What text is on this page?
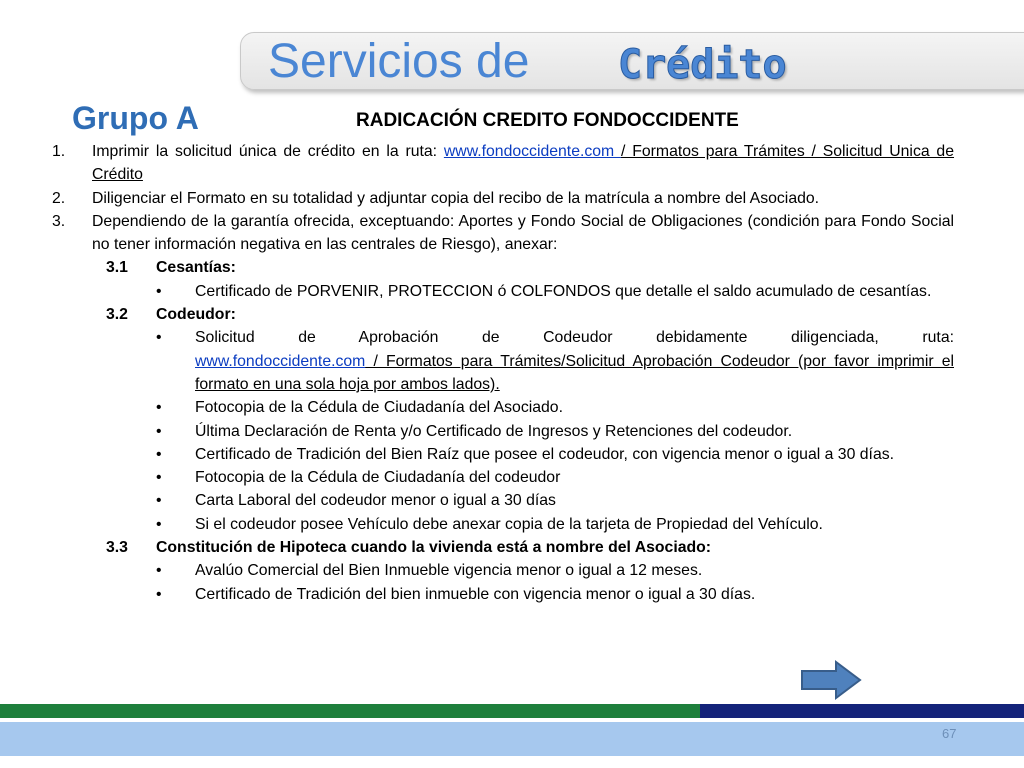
Servicios de Crédito
Grupo A	RADICACIÓN CREDITO FONDOCCIDENTE
1. Imprimir la solicitud única de crédito en la ruta: www.fondoccidente.com / Formatos para Trámites / Solicitud Unica de Crédito
2. Diligenciar el Formato en su totalidad y adjuntar copia del recibo de la matrícula a nombre del Asociado.
3. Dependiendo de la garantía ofrecida, exceptuando: Aportes y Fondo Social de Obligaciones (condición para Fondo Social no tener información negativa en las centrales de Riesgo), anexar:
3.1 Cesantías:
• Certificado de PORVENIR, PROTECCION ó COLFONDOS que detalle el saldo acumulado de cesantías.
3.2 Codeudor:
• Solicitud de Aprobación de Codeudor debidamente diligenciada, ruta:
www.fondoccidente.com / Formatos para Trámites/Solicitud Aprobación Codeudor (por favor imprimir el formato en una sola hoja por ambos lados).
• Fotocopia de la Cédula de Ciudadanía del Asociado.
• Última Declaración de Renta y/o Certificado de Ingresos y Retenciones del codeudor.
• Certificado de Tradición del Bien Raíz que posee el codeudor, con vigencia menor o igual a 30 días.
• Fotocopia de la Cédula de Ciudadanía del codeudor
• Carta Laboral del codeudor menor o igual a 30 días
• Si el codeudor posee Vehículo debe anexar copia de la tarjeta de Propiedad del Vehículo.
3.3 Constitución de Hipoteca cuando la vivienda está a nombre del Asociado:
• Avalúo Comercial del Bien Inmueble vigencia menor o igual a 12 meses.
• Certificado de Tradición del bien inmueble con vigencia menor o igual a 30 días.
67
